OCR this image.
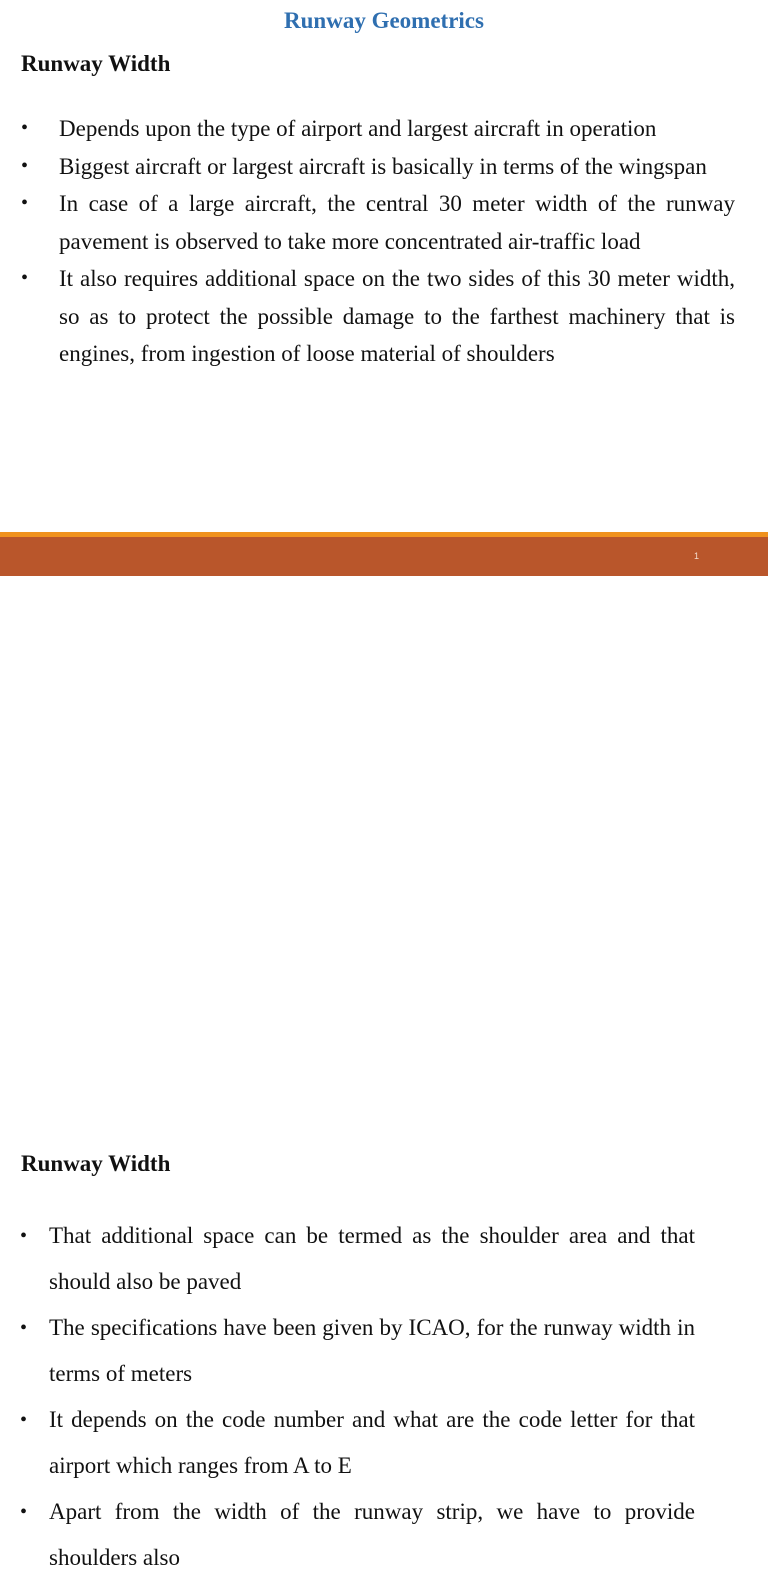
Runway Geometrics
Runway Width
• Depends upon the type of airport and largest aircraft in operation
• Biggest aircraft or largest aircraft is basically in terms of the wingspan
• In case of a large aircraft, the central 30 meter width of the runway pavement is observed to take more concentrated air-traffic load
• It also requires additional space on the two sides of this 30 meter width, so as to protect the possible damage to the farthest machinery that is engines, from ingestion of loose material of shoulders
1
Runway Width
• That additional space can be termed as the shoulder area and that should also be paved
• The specifications have been given by ICAO, for the runway width in terms of meters
• It depends on the code number and what are the code letter for that airport which ranges from A to E
• Apart from the width of the runway strip, we have to provide shoulders also
